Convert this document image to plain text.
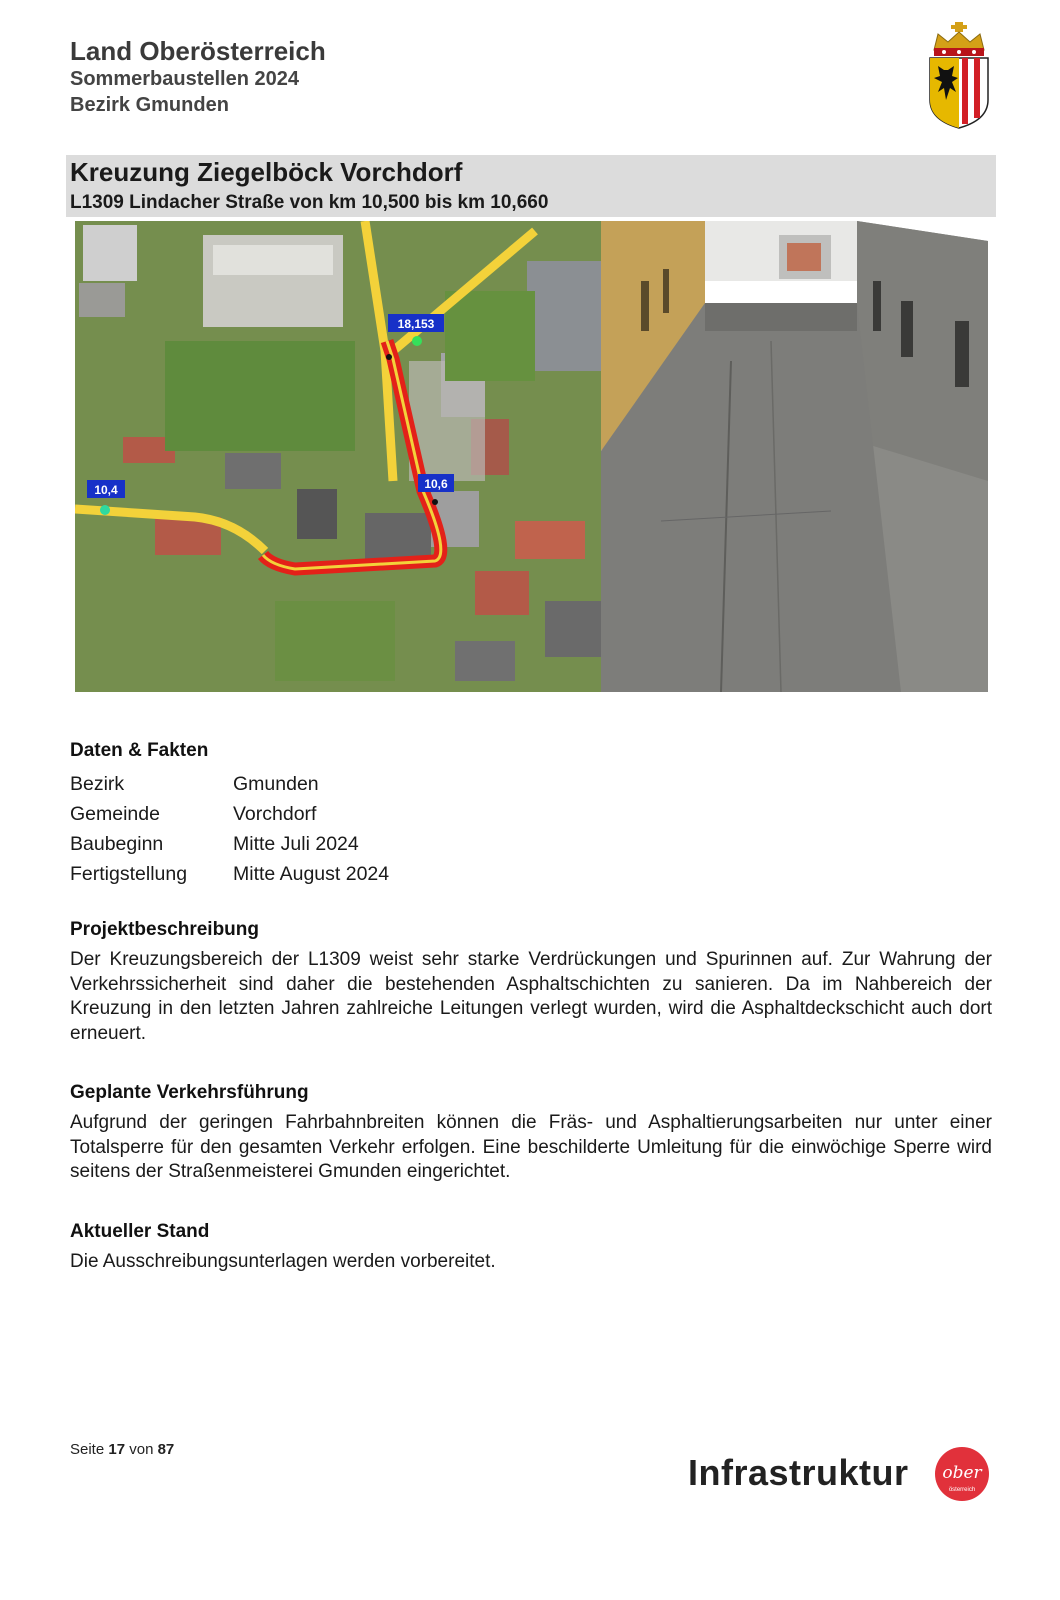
Land Oberösterreich
Sommerbaustellen 2024
Bezirk Gmunden
Kreuzung Ziegelböck Vorchdorf
L1309 Lindacher Straße von km 10,500 bis km 10,660
18,153
10,4	10,6
Daten & Fakten
Bezirk	Gmunden
Gemeinde	Vorchdorf
Baubeginn	Mitte Juli 2024
Fertigstellung	Mitte August 2024
Projektbeschreibung
Der Kreuzungsbereich der L1309 weist sehr starke Verdrückungen und Spurinnen auf. Zur Wahrung der Verkehrssicherheit sind daher die bestehenden Asphaltschichten zu sanieren. Da im Nahbereich der Kreuzung in den letzten Jahren zahlreiche Leitungen verlegt wurden, wird die Asphaltdeckschicht auch dort erneuert.
Geplante Verkehrsführung
Aufgrund der geringen Fahrbahnbreiten können die Fräs- und Asphaltierungsarbeiten nur unter einer Totalsperre für den gesamten Verkehr erfolgen. Eine beschilderte Umleitung für die einwöchige Sperre wird seitens der Straßenmeisterei Gmunden eingerichtet.
Aktueller Stand
Die Ausschreibungsunterlagen werden vorbereitet.
Seite 17 von 87
Infrastruktur ober
österreich
